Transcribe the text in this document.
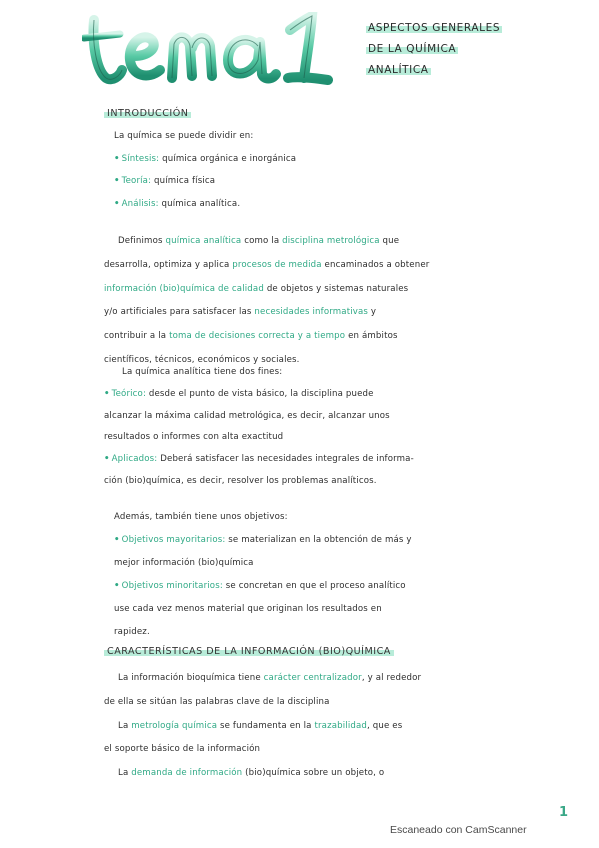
ASPECTOS GENERALES
DE LA QUÍMICA
ANALÍTICA
INTRODUCCIÓN
La química se puede dividir en:
• Síntesis: química orgánica e inorgánica
• Teoría: química física
• Análisis: química analítica.
Definimos química analítica como la disciplina metrológica que
desarrolla, optimiza y aplica procesos de medida encaminados a obtener
información (bio)química de calidad de objetos y sistemas naturales
y/o artificiales para satisfacer las necesidades informativas y
contribuir a la toma de decisiones correcta y a tiempo en ámbitos
científicos, técnicos, económicos y sociales.
La química analítica tiene dos fines:
• Teórico: desde el punto de vista básico, la disciplina puede
alcanzar la máxima calidad metrológica, es decir, alcanzar unos
resultados o informes con alta exactitud
• Aplicados: Deberá satisfacer las necesidades integrales de informa-
ción (bio)química, es decir, resolver los problemas analíticos.
Además, también tiene unos objetivos:
• Objetivos mayoritarios: se materializan en la obtención de más y
mejor información (bio)química
• Objetivos minoritarios: se concretan en que el proceso analítico
use cada vez menos material que originan los resultados en
rapidez.
CARACTERÍSTICAS DE LA INFORMACIÓN (BIO)QUÍMICA
La información bioquímica tiene carácter centralizador, y al rededor
de ella se sitúan las palabras clave de la disciplina
La metrología química se fundamenta en la trazabilidad, que es
el soporte básico de la información
La demanda de información (bio)química sobre un objeto, o
1
Escaneado con CamScanner
